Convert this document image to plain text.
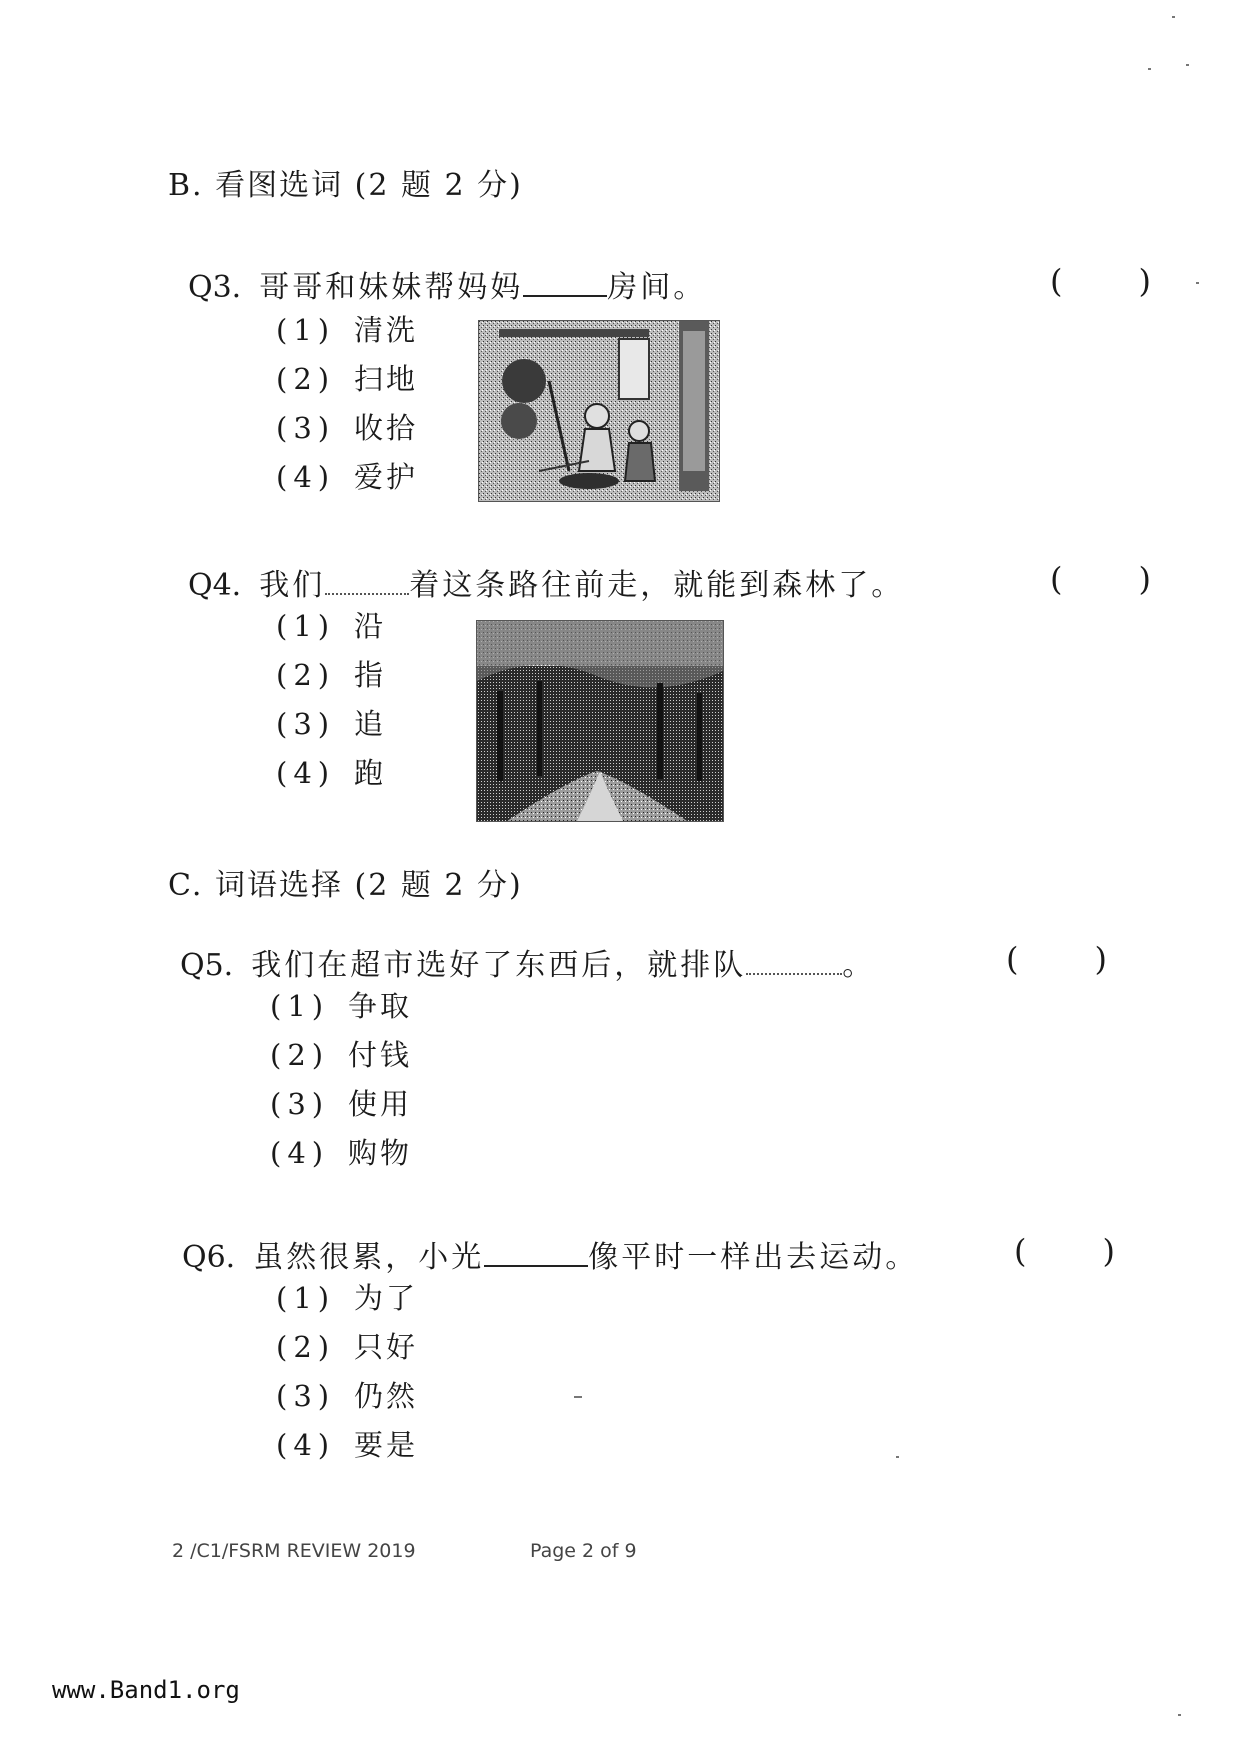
B. 看图选词 (2 题 2 分)
Q3. 哥哥和妹妹帮妈妈	房间。	( )
(1) 清洗
(2) 扫地
(3) 收拾
(4) 爱护
Q4. 我们	着这条路往前走，就能到森林了。	( )
(1) 沿
(2) 指
(3) 追
(4) 跑
C. 词语选择 (2 题 2 分)
Q5. 我们在超市选好了东西后，就排队	。	( )
(1) 争取
(2) 付钱
(3) 使用
(4) 购物
Q6. 虽然很累，小光	像平时一样出去运动。	( )
(1) 为了
(2) 只好
(3) 仍然
(4) 要是
2 /C1/FSRM REVIEW 2019	Page 2 of 9
www.Band1.org
